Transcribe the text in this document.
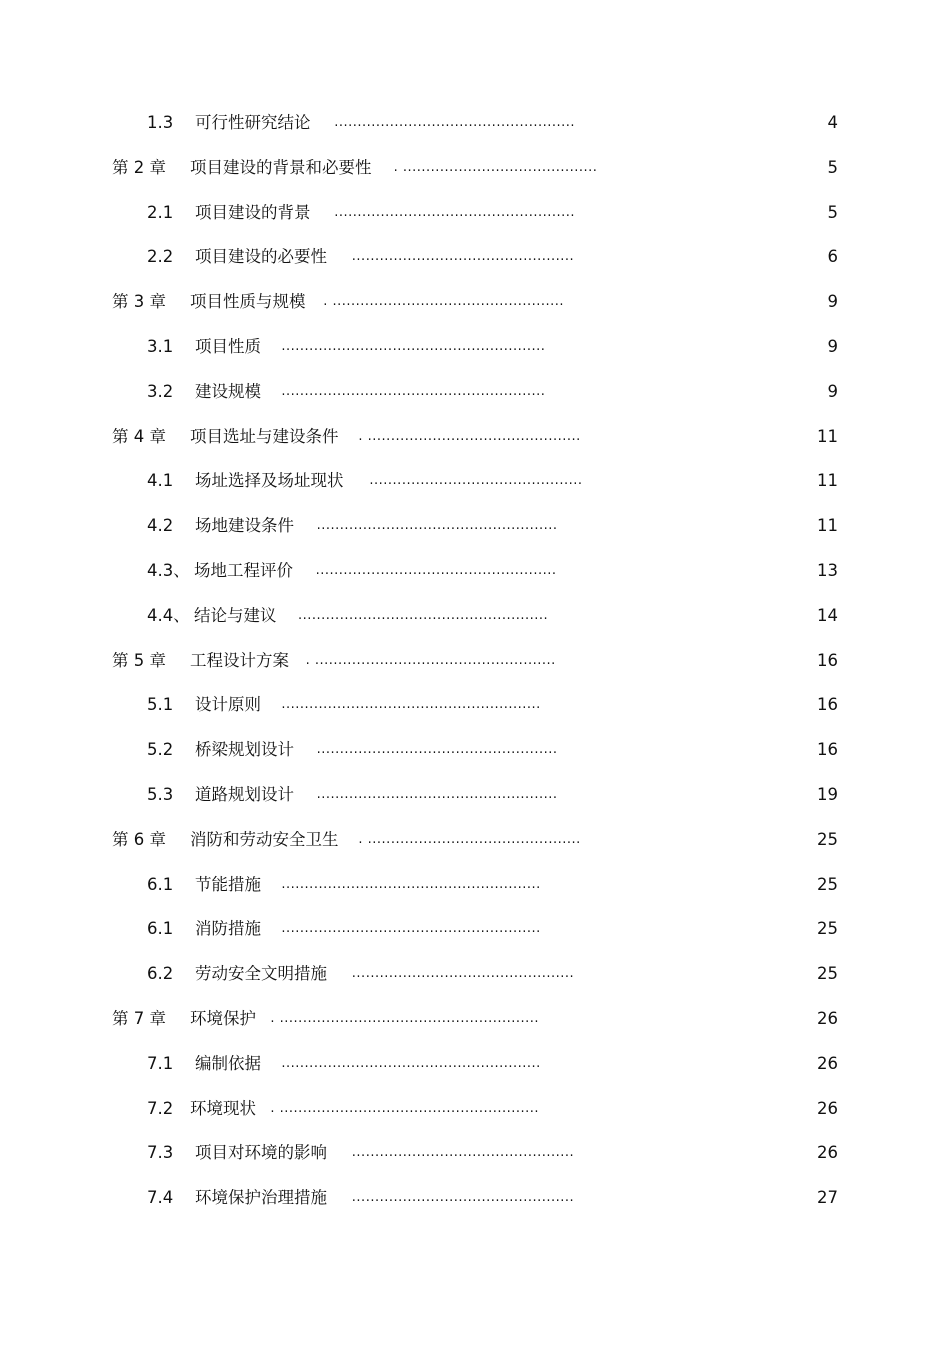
1.3 可行性研究结论 ....................................................	4
第 2 章 项目建设的背景和必要性 . ..........................................	5
2.1 项目建设的背景 ....................................................	5
2.2 项目建设的必要性 ................................................	6
第 3 章 项目性质与规模 . ..................................................	9
3.1 项目性质 .........................................................	9
3.2 建设规模 .........................................................	9
第 4 章 项目选址与建设条件 . ..............................................	11
4.1 场址选择及场址现状 ..............................................	11
4.2 场地建设条件 ....................................................	11
4.3、 场地工程评价 ....................................................	13
4.4、 结论与建议 ......................................................	14
第 5 章 工程设计方案 . ....................................................	16
5.1 设计原则 ........................................................	16
5.2 桥梁规划设计 ....................................................	16
5.3 道路规划设计 ....................................................	19
第 6 章 消防和劳动安全卫生 . ..............................................	25
6.1 节能措施 ........................................................	25
6.1 消防措施 ........................................................	25
6.2 劳动安全文明措施 ................................................	25
第 7 章 环境保护 . ........................................................	26
7.1 编制依据 ........................................................	26
7.2 环境现状 . ........................................................	26
7.3 项目对环境的影响 ................................................	26
7.4 环境保护治理措施 ................................................	27
